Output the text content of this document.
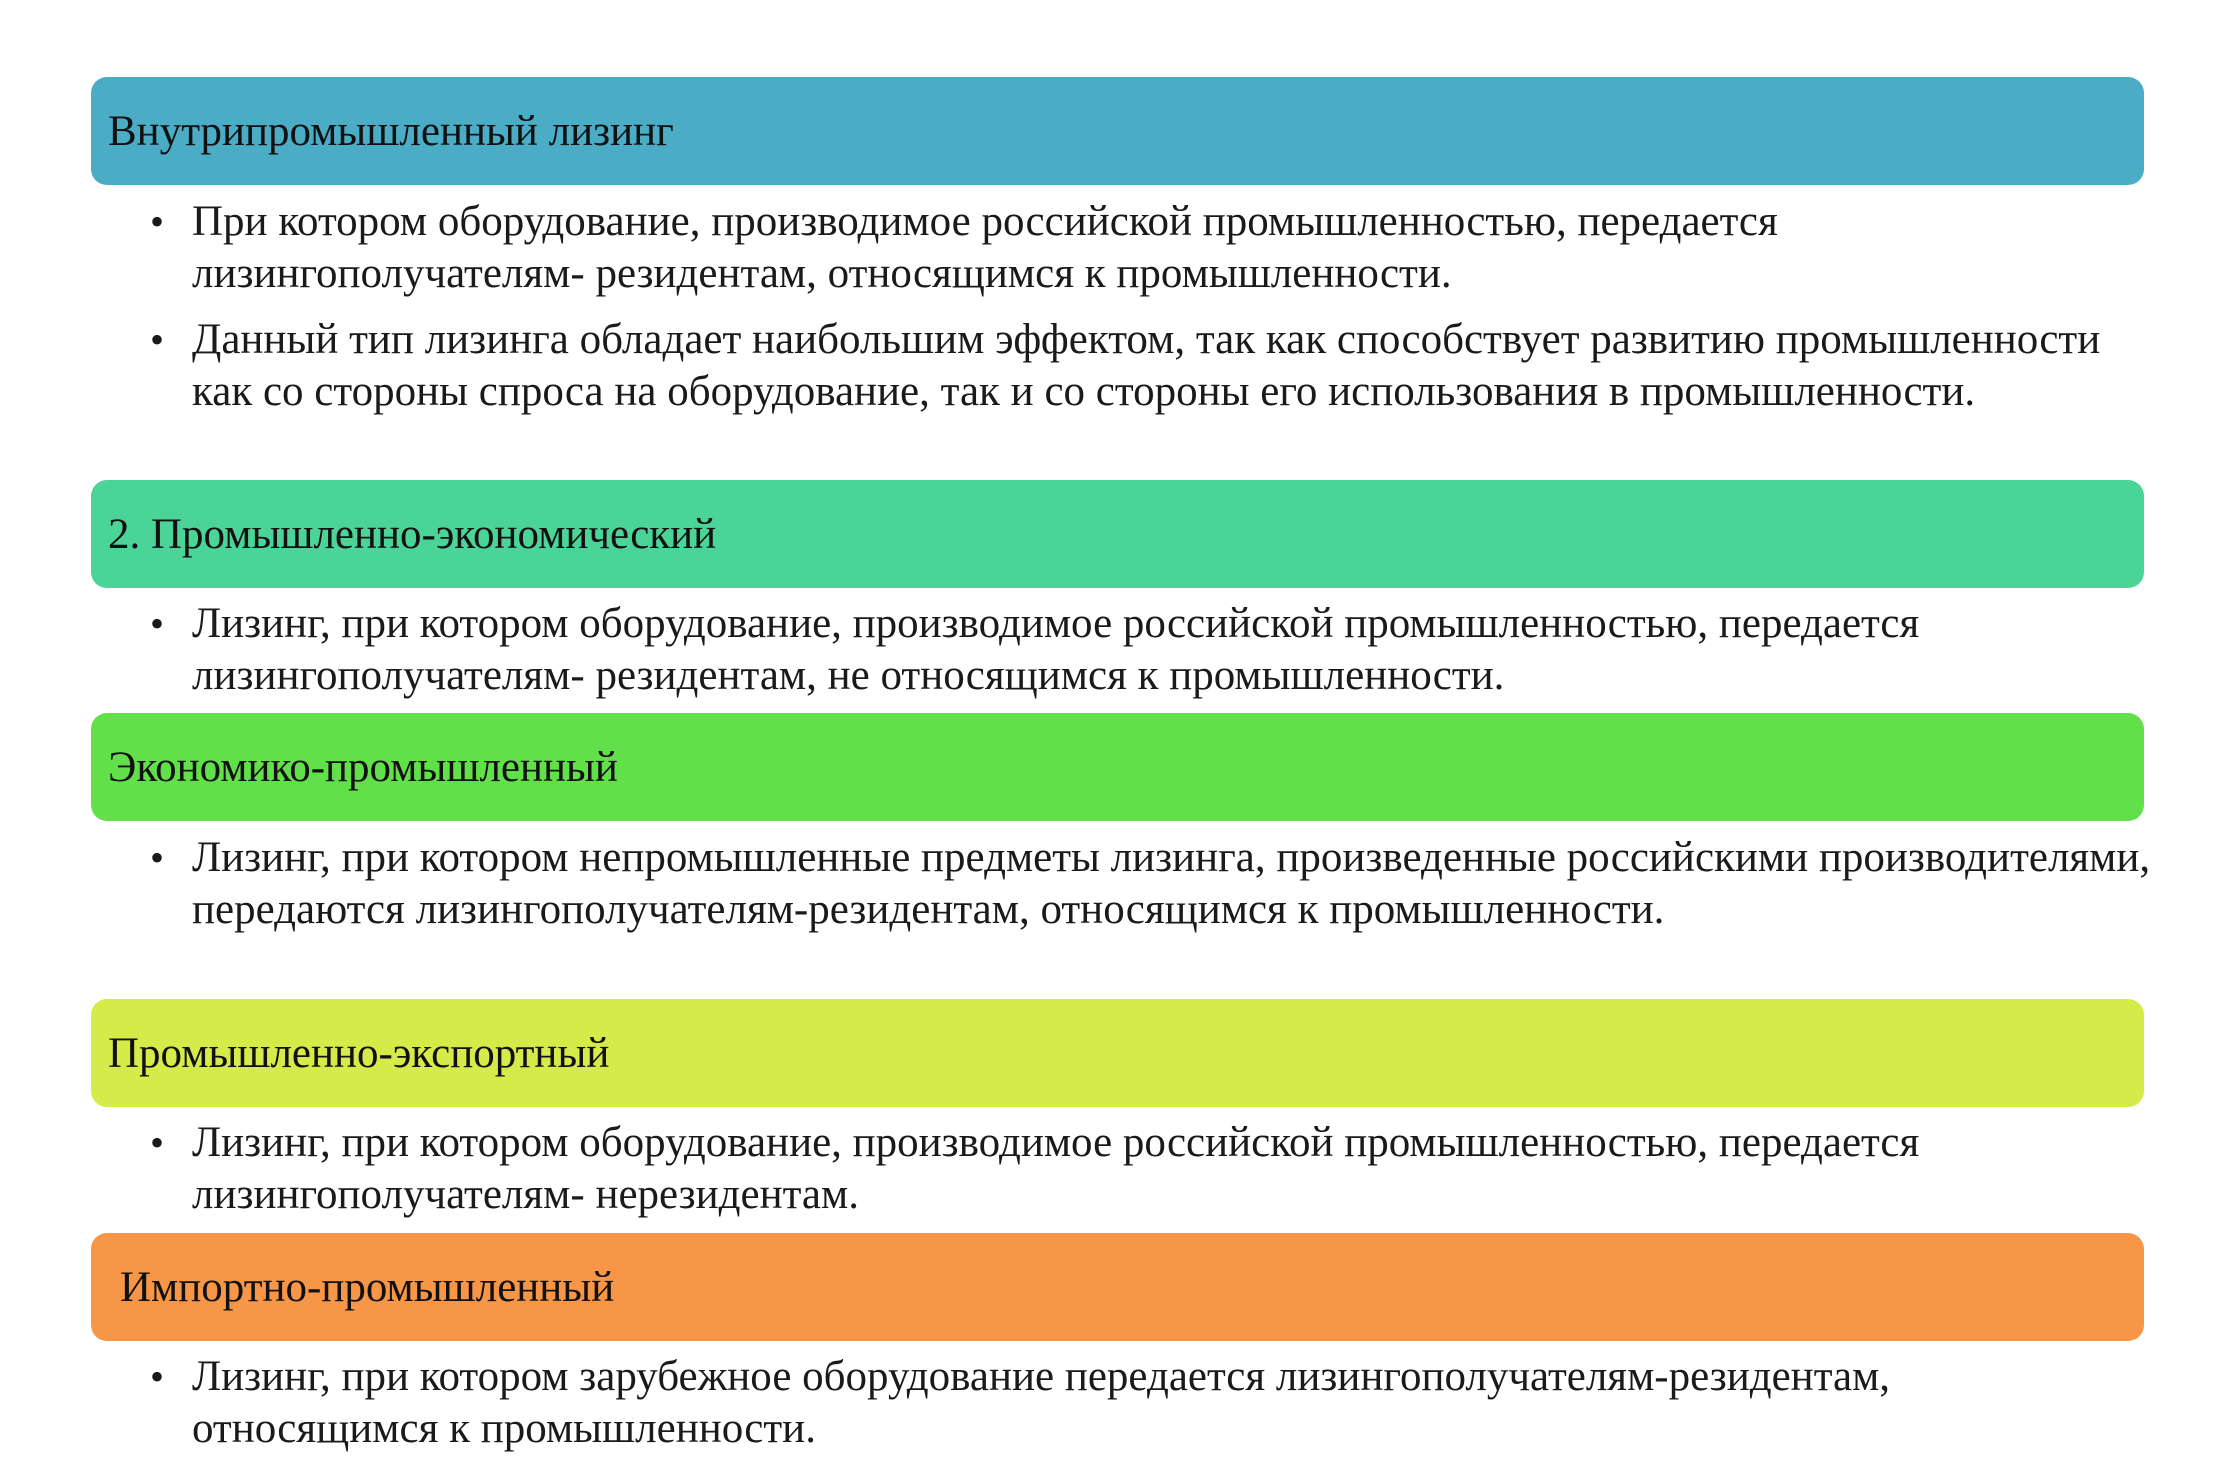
Внутрипромышленный лизинг
• При котором оборудование, производимое российской промышленностью, передается лизингополучателям- резидентам, относящимся к промышленности.
• Данный тип лизинга обладает наибольшим эффектом, так как способствует развитию промышленности как со стороны спроса на оборудование, так и со стороны его использования в промышленности.
2. Промышленно-экономический
• Лизинг, при котором оборудование, производимое российской промышленностью, передается лизингополучателям- резидентам, не относящимся к промышленности.
Экономико-промышленный
• Лизинг, при котором непромышленные предметы лизинга, произведенные российскими производителями, передаются лизингополучателям-резидентам, относящимся к промышленности.
Промышленно-экспортный
• Лизинг, при котором оборудование, производимое российской промышленностью, передается лизингополучателям- нерезидентам.
Импортно-промышленный
• Лизинг, при котором зарубежное оборудование передается лизингополучателям-резидентам, относящимся к промышленности.
